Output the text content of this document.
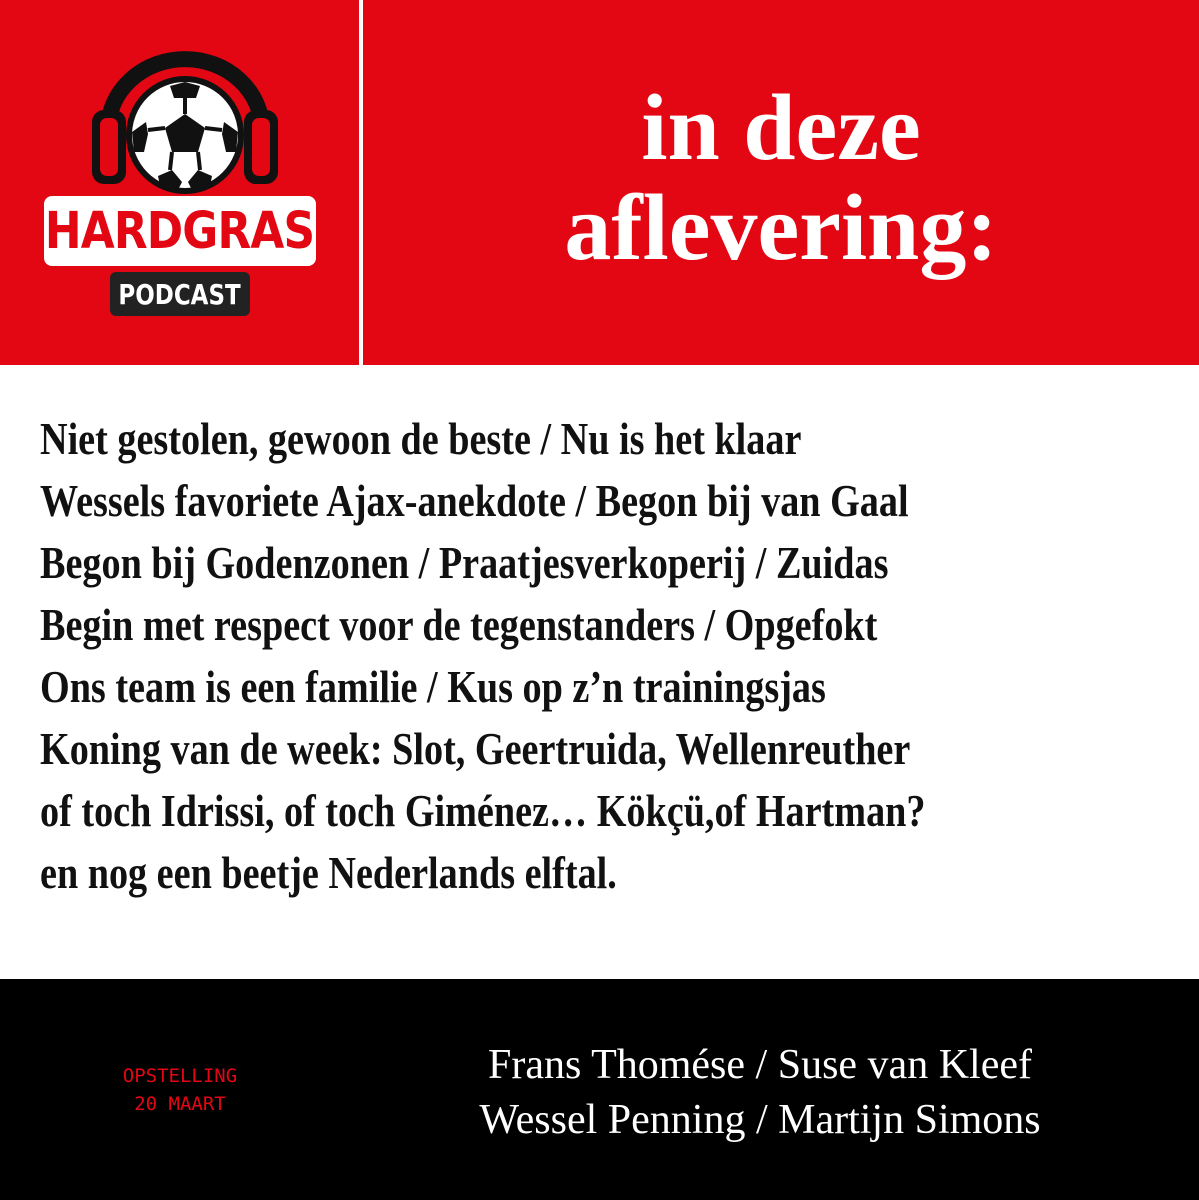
HARDGRAS
PODCAST
in deze
aflevering:
Niet gestolen, gewoon de beste / Nu is het klaar
Wessels favoriete Ajax-anekdote / Begon bij van Gaal
Begon bij Godenzonen / Praatjesverkoperij / Zuidas
Begin met respect voor de tegenstanders / Opgefokt
Ons team is een familie / Kus op z’n trainingsjas
Koning van de week: Slot, Geertruida, Wellenreuther
of toch Idrissi, of toch Giménez… Kökçü,of Hartman?
en nog een beetje Nederlands elftal.
OPSTELLING
20 MAART
Frans Thomése / Suse van Kleef
Wessel Penning / Martijn Simons
